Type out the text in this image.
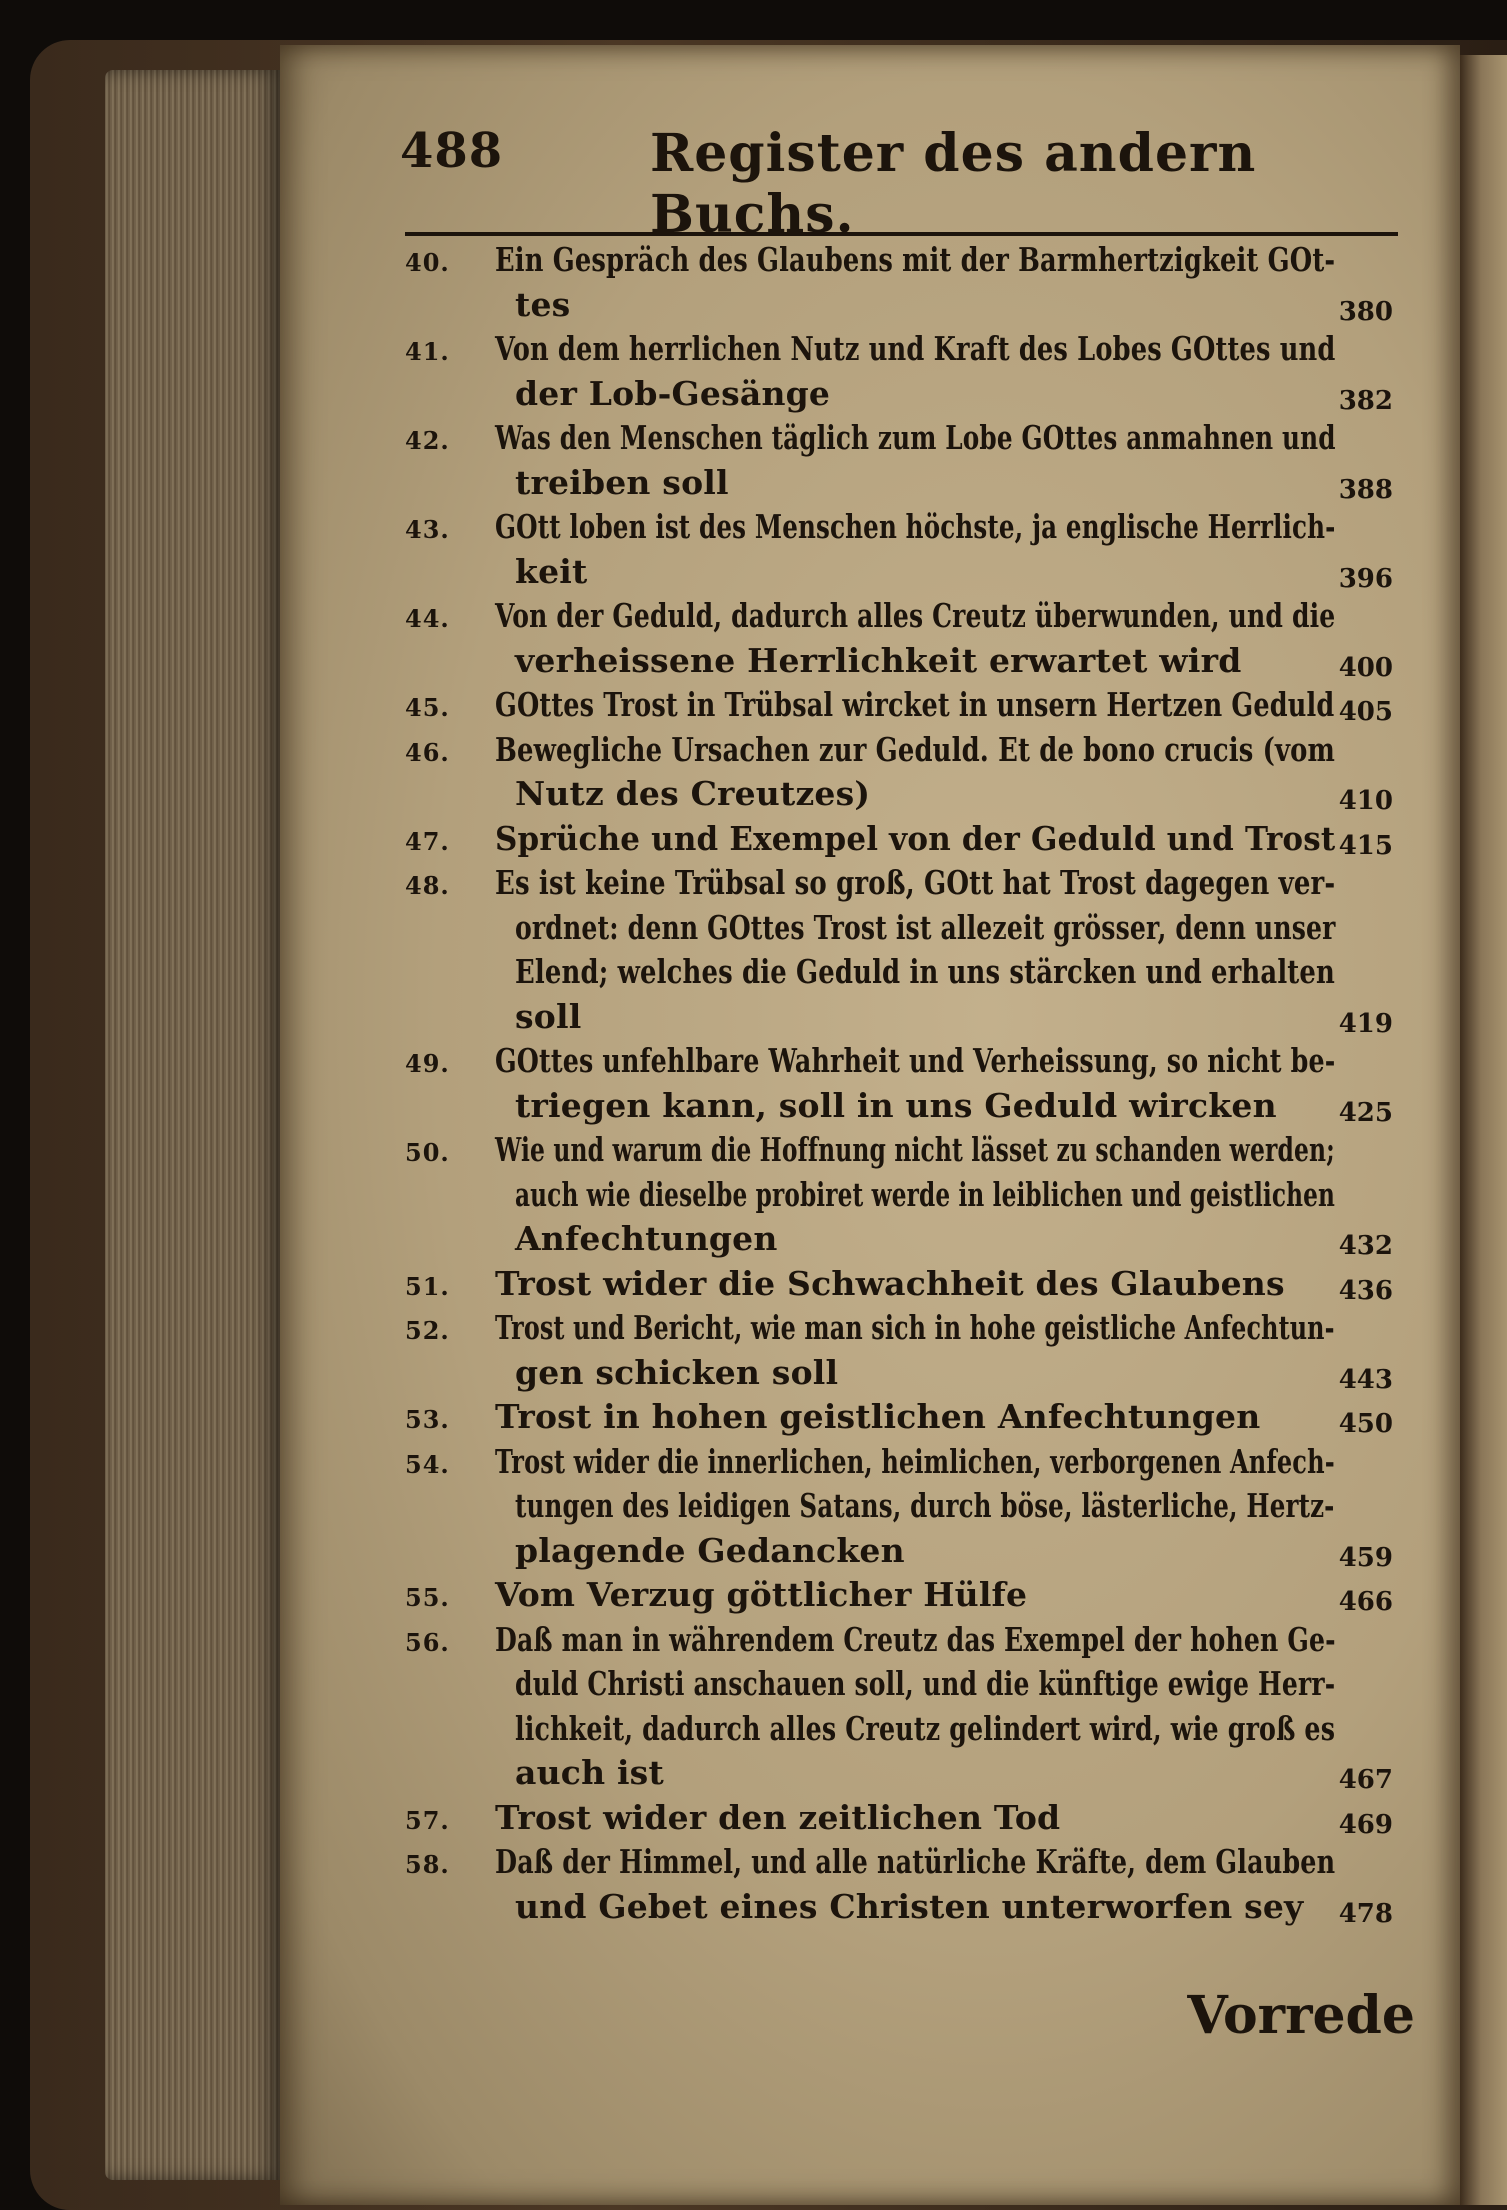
488	Register des andern Buchs.
40. Ein Gespräch des Glaubens mit der Barmhertzigkeit GOt-
tes	380
41. Von dem herrlichen Nutz und Kraft des Lobes GOttes und
der Lob-Gesänge	382
42. Was den Menschen täglich zum Lobe GOttes anmahnen und
treiben soll	388
43. GOtt loben ist des Menschen höchste, ja englische Herrlich-
keit	396
44. Von der Geduld, dadurch alles Creutz überwunden, und die
verheissene Herrlichkeit erwartet wird	400
45. GOttes Trost in Trübsal wircket in unsern Hertzen Geduld 405
46. Bewegliche Ursachen zur Geduld. Et de bono crucis (vom
Nutz des Creutzes)	410
47. Sprüche und Exempel von der Geduld und Trost 415
48. Es ist keine Trübsal so groß, GOtt hat Trost dagegen ver-
ordnet: denn GOttes Trost ist allezeit grösser, denn unser
Elend; welches die Geduld in uns stärcken und erhalten
soll	419
49. GOttes unfehlbare Wahrheit und Verheissung, so nicht be-
triegen kann, soll in uns Geduld wircken 425
50. Wie und warum die Hoffnung nicht lässet zu schanden werden;
auch wie dieselbe probiret werde in leiblichen und geistlichen
Anfechtungen	432
51. Trost wider die Schwachheit des Glaubens 436
52. Trost und Bericht, wie man sich in hohe geistliche Anfechtun-
gen schicken soll	443
53. Trost in hohen geistlichen Anfechtungen	450
54. Trost wider die innerlichen, heimlichen, verborgenen Anfech-
tungen des leidigen Satans, durch böse, lästerliche, Hertz-
plagende Gedancken	459
55. Vom Verzug göttlicher Hülfe	466
56. Daß man in währendem Creutz das Exempel der hohen Ge-
duld Christi anschauen soll, und die künftige ewige Herr-
lichkeit, dadurch alles Creutz gelindert wird, wie groß es
auch ist	467
57. Trost wider den zeitlichen Tod	469
58. Daß der Himmel, und alle natürliche Kräfte, dem Glauben
und Gebet eines Christen unterworfen sey 478
Vorrede
